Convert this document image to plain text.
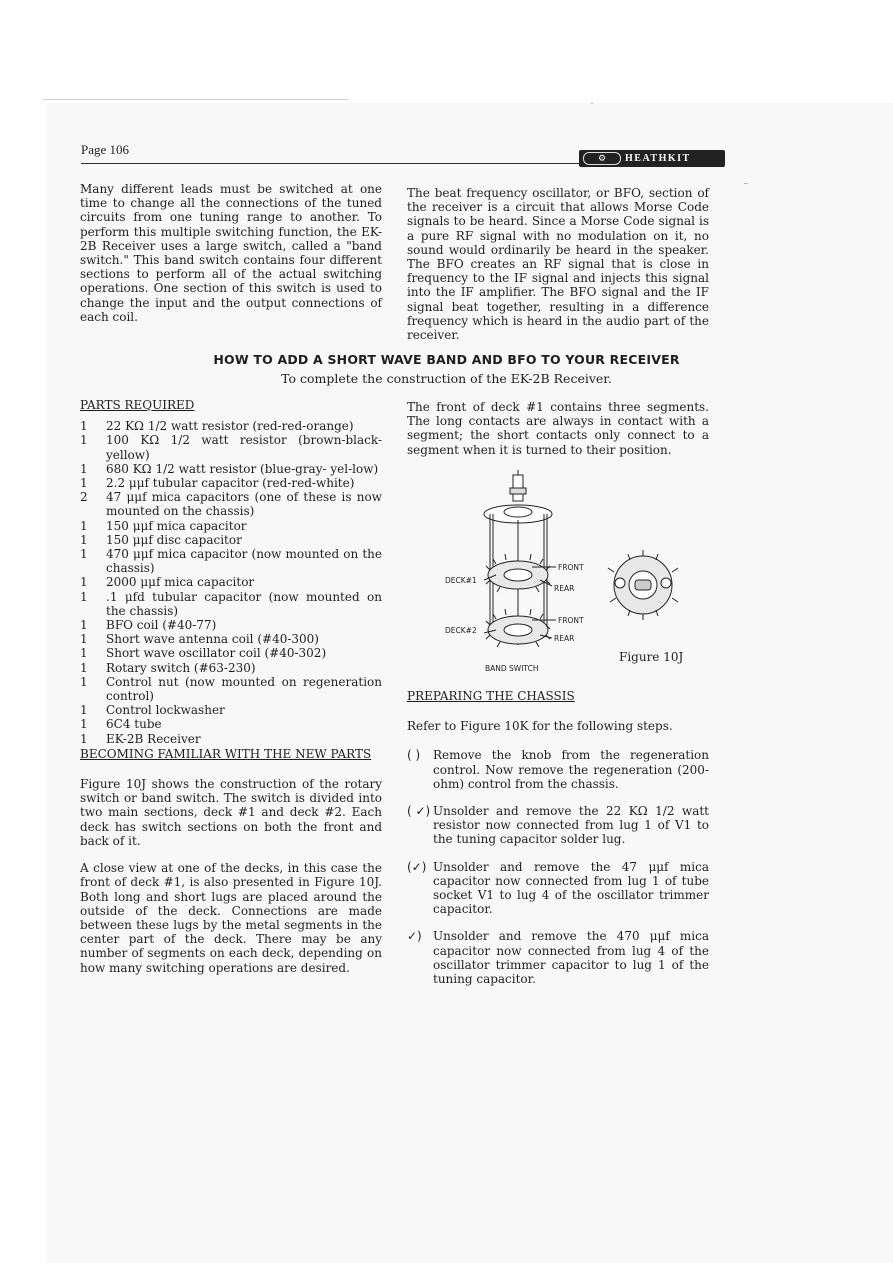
Page 106
⚙	HEATHKIT

Many different leads must be switched at one time to change all the connections of the tuned circuits from one tuning range to another. To perform this multiple switching function, the EK-2B Receiver uses a large switch, called a "band switch." This band switch contains four different sections to perform all of the actual switching operations. One section of this switch is used to change the input and the output connections of each coil.

The beat frequency oscillator, or BFO, section of the receiver is a circuit that allows Morse Code signals to be heard. Since a Morse Code signal is a pure RF signal with no modulation on it, no sound would ordinarily be heard in the speaker. The BFO creates an RF signal that is close in frequency to the IF signal and injects this signal into the IF amplifier. The BFO signal and the IF signal beat together, resulting in a difference frequency which is heard in the audio part of the receiver.

HOW TO ADD A SHORT WAVE BAND AND BFO TO YOUR RECEIVER
To complete the construction of the EK-2B Receiver.
PARTS REQUIRED
1	22 KΩ 1/2 watt resistor (red-red-orange)
1	100 KΩ 1/2 watt resistor (brown-black-yellow)
1	680 KΩ 1/2 watt resistor (blue-gray- yel-low)
1	2.2 μμf tubular capacitor (red-red-white)
2	47 μμf mica capacitors (one of these is now mounted on the chassis)
1	150 μμf mica capacitor
1	150 μμf disc capacitor
1	470 μμf mica capacitor (now mounted on the chassis)
1	2000 μμf mica capacitor
1	.1 μfd tubular capacitor (now mounted on the chassis)
1	BFO coil (#40-77)
1	Short wave antenna coil (#40-300)
1	Short wave oscillator coil (#40-302)
1	Rotary switch (#63-230)
1	Control nut (now mounted on regeneration control)
1	Control lockwasher
1	6C4 tube
1	EK-2B Receiver
BECOMING FAMILIAR WITH THE NEW PARTS

Figure 10J shows the construction of the rotary switch or band switch. The switch is divided into two main sections, deck #1 and deck #2. Each deck has switch sections on both the front and back of it.

A close view at one of the decks, in this case the front of deck #1, is also presented in Figure 10J. Both long and short lugs are placed around the outside of the deck. Connections are made between these lugs by the metal segments in the center part of the deck. There may be any number of segments on each deck, depending on how many switching operations are desired.

The front of deck #1 contains three segments. The long contacts are always in contact with a segment; the short contacts only connect to a segment when it is turned to their position.

DECK#1
DECK#2
FRONT
REAR
FRONT
REAR
BAND SWITCH
Figure 10J
PREPARING THE CHASSIS

Refer to Figure 10K for the following steps.

( )	Remove the knob from the regeneration control. Now remove the regeneration (200-ohm) control from the chassis.
( ✓) Unsolder and remove the 22 KΩ 1/2 watt resistor now connected from lug 1 of V1 to the tuning capacitor solder lug.
(✓) Unsolder and remove the 47 μμf mica capacitor now connected from lug 1 of tube socket V1 to lug 4 of the oscillator trimmer capacitor.
✓) Unsolder and remove the 470 μμf mica capacitor now connected from lug 4 of the oscillator trimmer capacitor to lug 1 of the tuning capacitor.
